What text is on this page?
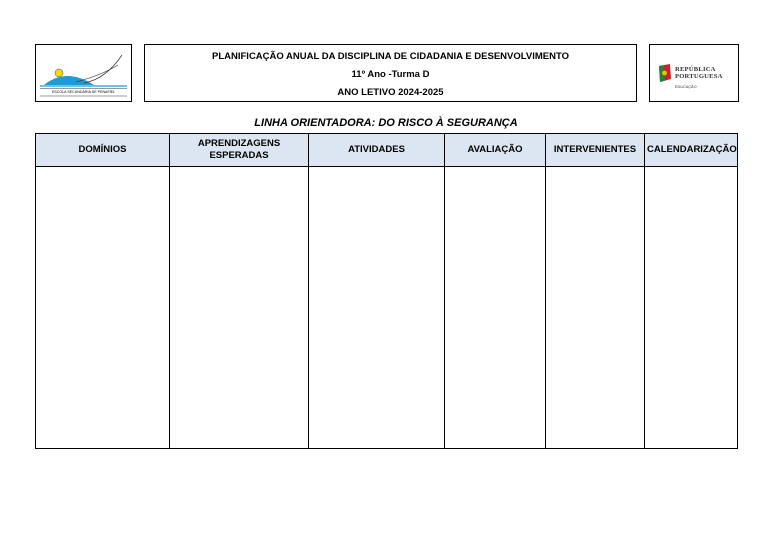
ESCOLA SECUNDÁRIA DE PENAFIEL
PLANIFICAÇÃO ANUAL DA DISCIPLINA DE CIDADANIA E DESENVOLVIMENTO
11º Ano -Turma D
ANO LETIVO 2024-2025
REPÚBLICA
PORTUGUESA
EDUCAÇÃO
LINHA ORIENTADORA: DO RISCO À SEGURANÇA
DOMÍNIOS	APRENDIZAGENS ESPERADAS	ATIVIDADES	AVALIAÇÃO	INTERVENIENTES	CALENDARIZAÇÃO
